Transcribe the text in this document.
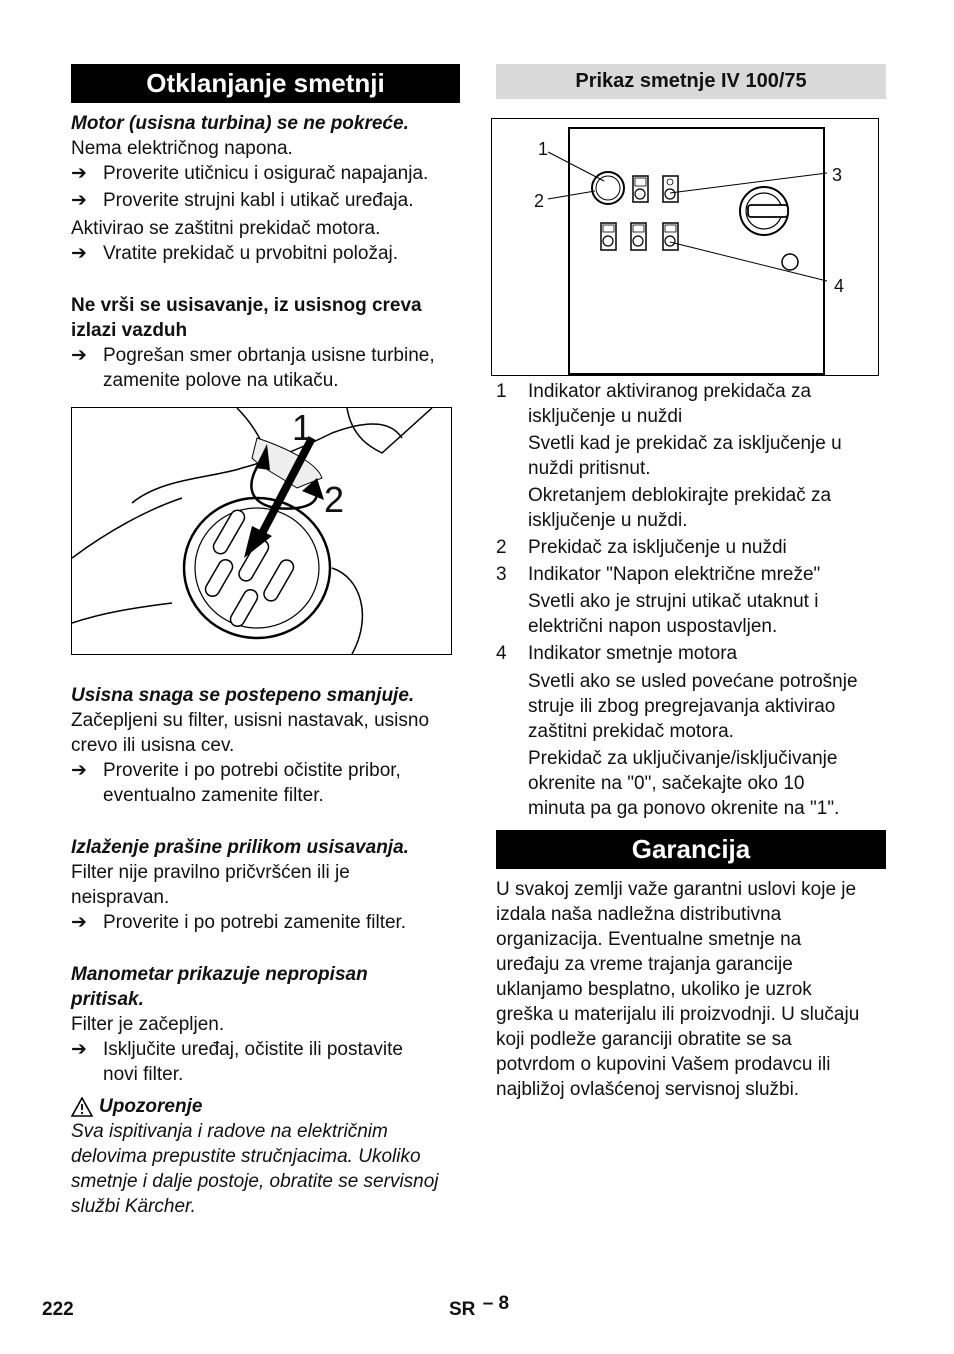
Otklanjanje smetnji

Motor (usisna turbina) se ne pokreće.

Nema električnog napona.

➔ Proverite utičnicu i osigurač napajanja.
➔ Proverite strujni kabl i utikač uređaja.

Aktivirao se zaštitni prekidač motora.

➔ Vratite prekidač u prvobitni položaj.

Ne vrši se usisavanje, iz usisnog creva

izlazi vazduh

➔ Pogrešan smer obrtanja usisne turbine,
zamenite polove na utikaču.
1
2

Usisna snaga se postepeno smanjuje.

Začepljeni su filter, usisni nastavak, usisno

crevo ili usisna cev.

➔ Proverite i po potrebi očistite pribor,
eventualno zamenite filter.

Izlaženje prašine prilikom usisavanja.

Filter nije pravilno pričvršćen ili je

neispravan.

➔ Proverite i po potrebi zamenite filter.

Manometar prikazuje nepropisan

pritisak.

Filter je začepljen.

➔ Isključite uređaj, očistite ili postavite
novi filter.
Upozorenje

Sva ispitivanja i radove na električnim

delovima prepustite stručnjacima. Ukoliko

smetnje i dalje postoje, obratite se servisnoj

službi Kärcher.

Prikaz smetnje IV 100/75
1
2
3
4
1 Indikator aktiviranog prekidača za

isključenje u nuždi

Svetli kad je prekidač za isključenje u

nuždi pritisnut.

Okretanjem deblokirajte prekidač za

isključenje u nuždi.

2 Prekidač za isključenje u nuždi

3 Indikator "Napon električne mreže"

Svetli ako je strujni utikač utaknut i

električni napon uspostavljen.

4 Indikator smetnje motora

Svetli ako se usled povećane potrošnje

struje ili zbog pregrejavanja aktivirao

zaštitni prekidač motora.

Prekidač za uključivanje/isključivanje

okrenite na "0", sačekajte oko 10

minuta pa ga ponovo okrenite na "1".

Garancija

U svakoj zemlji važe garantni uslovi koje je

izdala naša nadležna distributivna

organizacija. Eventualne smetnje na

uređaju za vreme trajanja garancije

uklanjamo besplatno, ukoliko je uzrok

greška u materijalu ili proizvodnji. U slučaju

koji podleže garanciji obratite se sa

potvrdom o kupovini Vašem prodavcu ili

najbližoj ovlašćenoj servisnoj službi.

222	SR – 8
